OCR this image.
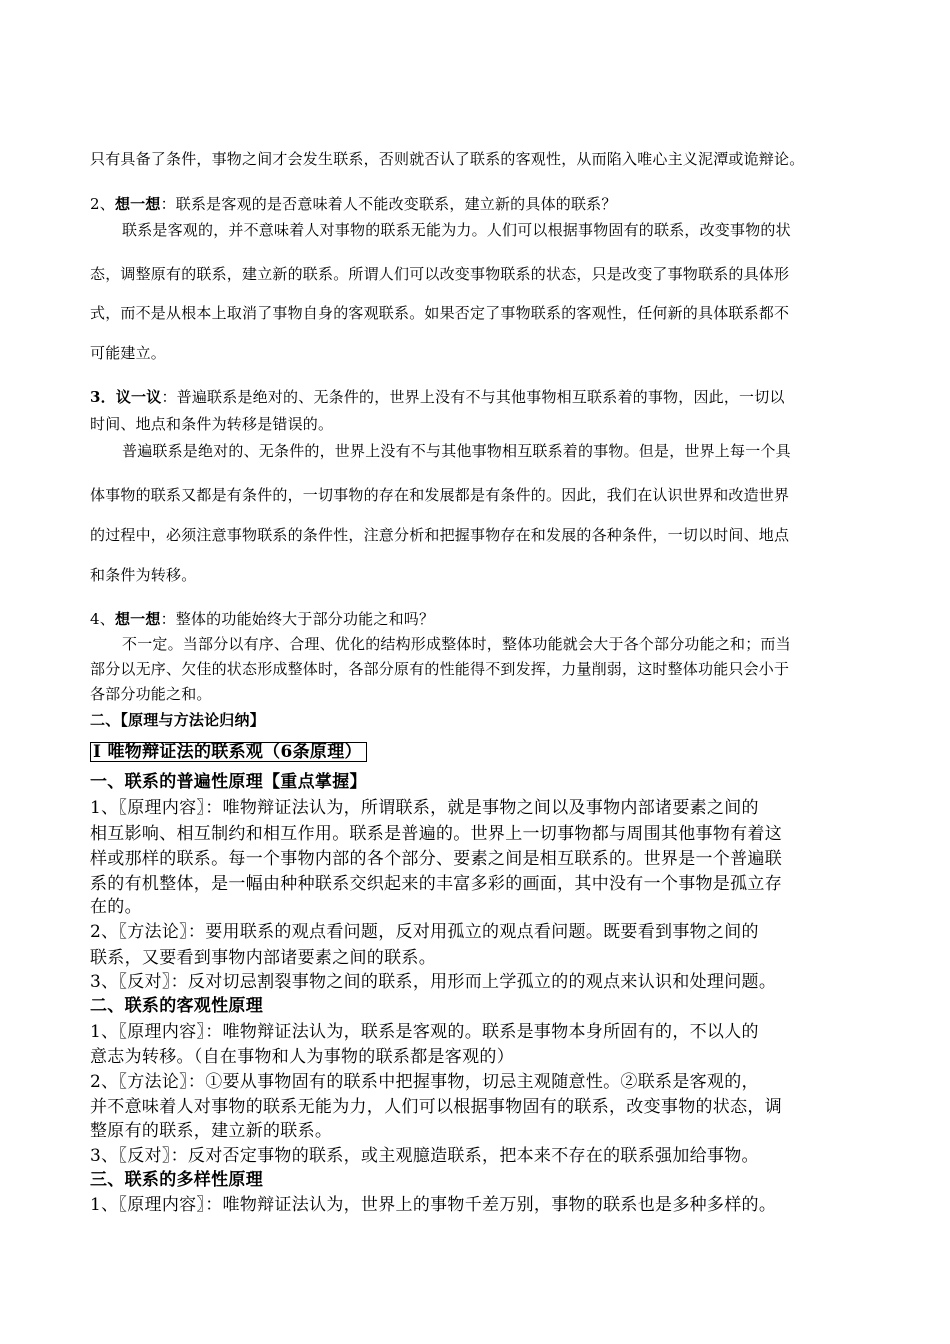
只有具备了条件，事物之间才会发生联系，否则就否认了联系的客观性，从而陷入唯心主义泥潭或诡辩论。
2、想一想：联系是客观的是否意味着人不能改变联系，建立新的具体的联系？
联系是客观的，并不意味着人对事物的联系无能为力。人们可以根据事物固有的联系，改变事物的状
态，调整原有的联系，建立新的联系。所谓人们可以改变事物联系的状态，只是改变了事物联系的具体形
式，而不是从根本上取消了事物自身的客观联系。如果否定了事物联系的客观性，任何新的具体联系都不
可能建立。
3．议一议：普遍联系是绝对的、无条件的，世界上没有不与其他事物相互联系着的事物，因此，一切以
时间、地点和条件为转移是错误的。
普遍联系是绝对的、无条件的，世界上没有不与其他事物相互联系着的事物。但是，世界上每一个具
体事物的联系又都是有条件的，一切事物的存在和发展都是有条件的。因此，我们在认识世界和改造世界
的过程中，必须注意事物联系的条件性，注意分析和把握事物存在和发展的各种条件，一切以时间、地点
和条件为转移。
4、想一想：整体的功能始终大于部分功能之和吗？
不一定。当部分以有序、合理、优化的结构形成整体时，整体功能就会大于各个部分功能之和；而当
部分以无序、欠佳的状态形成整体时，各部分原有的性能得不到发挥，力量削弱，这时整体功能只会小于
各部分功能之和。
二、【原理与方法论归纳】
Ⅰ 唯物辩证法的联系观（6条原理）
一、联系的普遍性原理【重点掌握】
1、〖原理内容〗：唯物辩证法认为，所谓联系，就是事物之间以及事物内部诸要素之间的
相互影响、相互制约和相互作用。联系是普遍的。世界上一切事物都与周围其他事物有着这
样或那样的联系。每一个事物内部的各个部分、要素之间是相互联系的。世界是一个普遍联
系的有机整体，是一幅由种种联系交织起来的丰富多彩的画面，其中没有一个事物是孤立存
在的。
2、〖方法论〗：要用联系的观点看问题，反对用孤立的观点看问题。既要看到事物之间的
联系，又要看到事物内部诸要素之间的联系。
3、〖反对〗：反对切忌割裂事物之间的联系，用形而上学孤立的的观点来认识和处理问题。
二、联系的客观性原理
1、〖原理内容〗：唯物辩证法认为，联系是客观的。联系是事物本身所固有的，不以人的
意志为转移。（自在事物和人为事物的联系都是客观的）
2、〖方法论〗：①要从事物固有的联系中把握事物，切忌主观随意性。②联系是客观的，
并不意味着人对事物的联系无能为力，人们可以根据事物固有的联系，改变事物的状态，调
整原有的联系，建立新的联系。
3、〖反对〗：反对否定事物的联系，或主观臆造联系，把本来不存在的联系强加给事物。
三、联系的多样性原理
1、〖原理内容〗：唯物辩证法认为，世界上的事物千差万别，事物的联系也是多种多样的。
